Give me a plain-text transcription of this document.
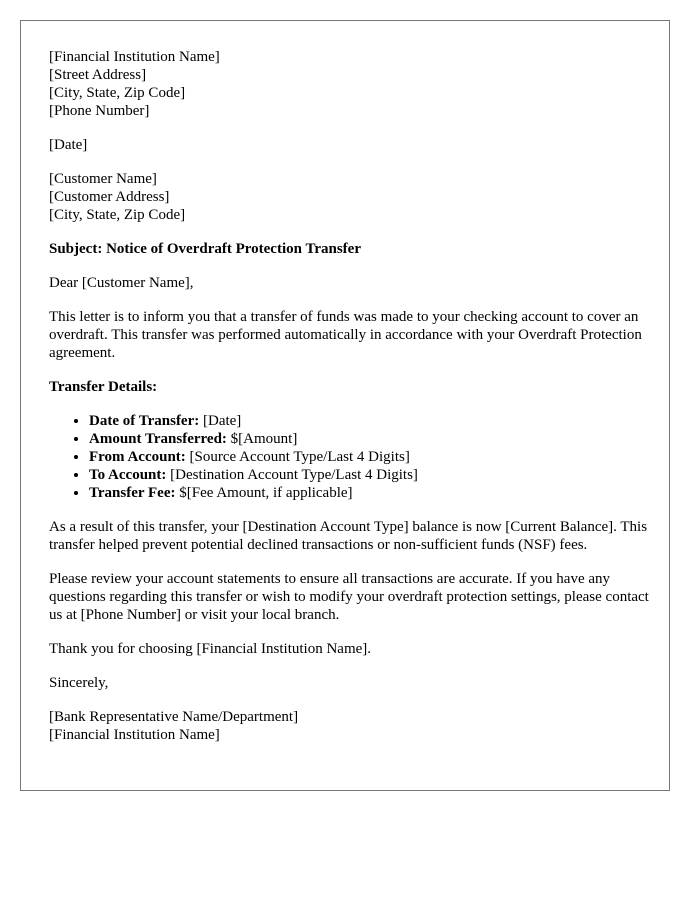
[Financial Institution Name]
[Street Address]
[City, State, Zip Code]
[Phone Number]
[Date]
[Customer Name]
[Customer Address]
[City, State, Zip Code]
Subject: Notice of Overdraft Protection Transfer
Dear [Customer Name],
This letter is to inform you that a transfer of funds was made to your checking account to cover an overdraft. This transfer was performed automatically in accordance with your Overdraft Protection agreement.
Transfer Details:
• Date of Transfer: [Date]
• Amount Transferred: $[Amount]
• From Account: [Source Account Type/Last 4 Digits]
• To Account: [Destination Account Type/Last 4 Digits]
• Transfer Fee: $[Fee Amount, if applicable]
As a result of this transfer, your [Destination Account Type] balance is now [Current Balance]. This transfer helped prevent potential declined transactions or non-sufficient funds (NSF) fees.
Please review your account statements to ensure all transactions are accurate. If you have any questions regarding this transfer or wish to modify your overdraft protection settings, please contact us at [Phone Number] or visit your local branch.
Thank you for choosing [Financial Institution Name].
Sincerely,
[Bank Representative Name/Department]
[Financial Institution Name]
